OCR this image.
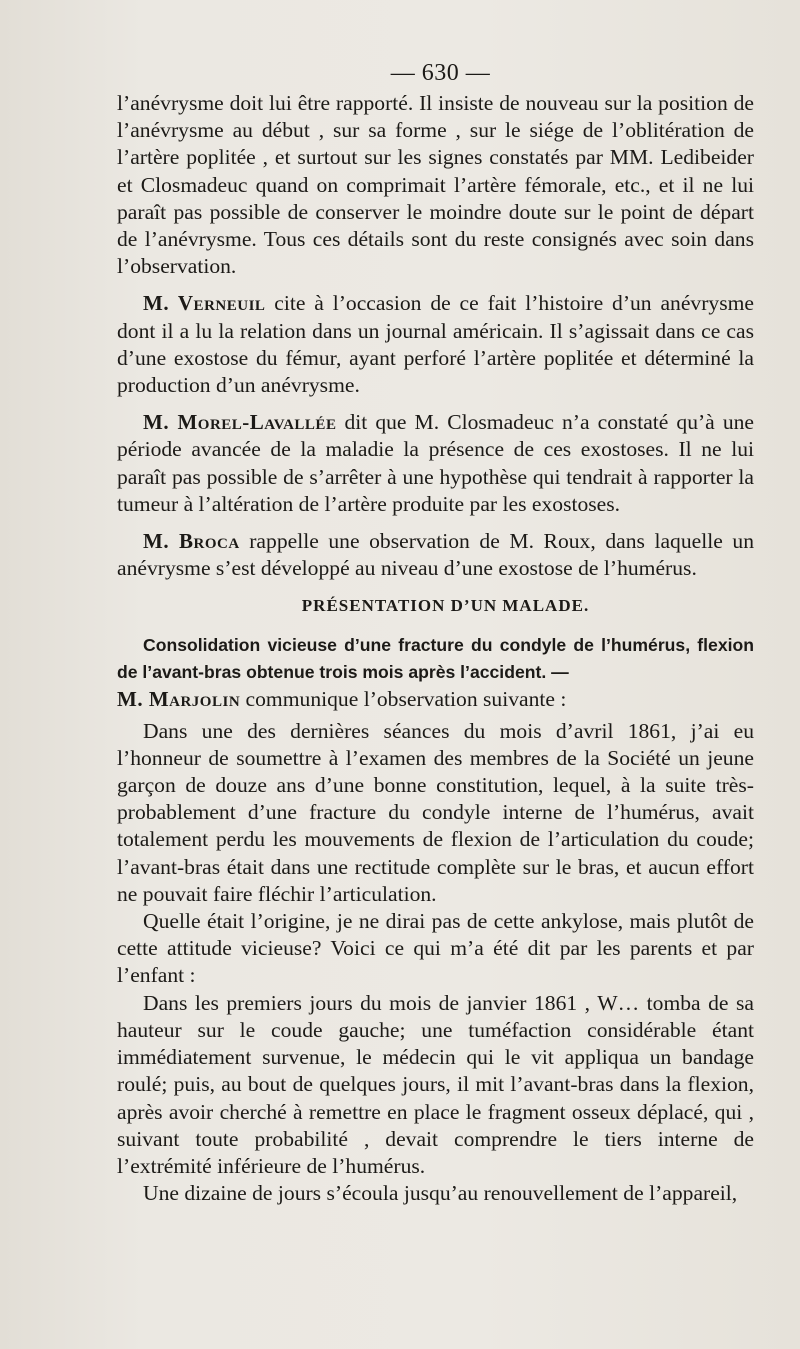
— 630 —

l’anévrysme doit lui être rapporté. Il insiste de nouveau sur la position de l’anévrysme au début , sur sa forme , sur le siége de l’oblitération de l’artère poplitée , et surtout sur les signes constatés par MM. Ledibeider et Closmadeuc quand on comprimait l’artère fémorale, etc., et il ne lui paraît pas possible de conserver le moindre doute sur le point de départ de l’anévrysme. Tous ces détails sont du reste consignés avec soin dans l’observation.

M. Verneuil cite à l’occasion de ce fait l’histoire d’un anévrysme dont il a lu la relation dans un journal américain. Il s’agissait dans ce cas d’une exostose du fémur, ayant perforé l’artère poplitée et déterminé la production d’un anévrysme.

M. Morel-Lavallée dit que M. Closmadeuc n’a constaté qu’à une période avancée de la maladie la présence de ces exostoses. Il ne lui paraît pas possible de s’arrêter à une hypothèse qui tendrait à rapporter la tumeur à l’altération de l’artère produite par les exostoses.

M. Broca rappelle une observation de M. Roux, dans laquelle un anévrysme s’est développé au niveau d’une exostose de l’humérus.

PRÉSENTATION D’UN MALADE.

Consolidation vicieuse d’une fracture du condyle de l’humérus, flexion de l’avant-bras obtenue trois mois après l’accident. —

M. Marjolin communique l’observation suivante :

Dans une des dernières séances du mois d’avril 1861, j’ai eu l’honneur de soumettre à l’examen des membres de la Société un jeune garçon de douze ans d’une bonne constitution, lequel, à la suite très-probablement d’une fracture du condyle interne de l’humérus, avait totalement perdu les mouvements de flexion de l’articulation du coude; l’avant-bras était dans une rectitude complète sur le bras, et aucun effort ne pouvait faire fléchir l’articulation.

Quelle était l’origine, je ne dirai pas de cette ankylose, mais plutôt de cette attitude vicieuse? Voici ce qui m’a été dit par les parents et par l’enfant :

Dans les premiers jours du mois de janvier 1861 , W… tomba de sa hauteur sur le coude gauche; une tuméfaction considérable étant immédiatement survenue, le médecin qui le vit appliqua un bandage roulé; puis, au bout de quelques jours, il mit l’avant-bras dans la flexion, après avoir cherché à remettre en place le fragment osseux déplacé, qui , suivant toute probabilité , devait comprendre le tiers interne de l’extrémité inférieure de l’humérus.

Une dizaine de jours s’écoula jusqu’au renouvellement de l’appareil,
